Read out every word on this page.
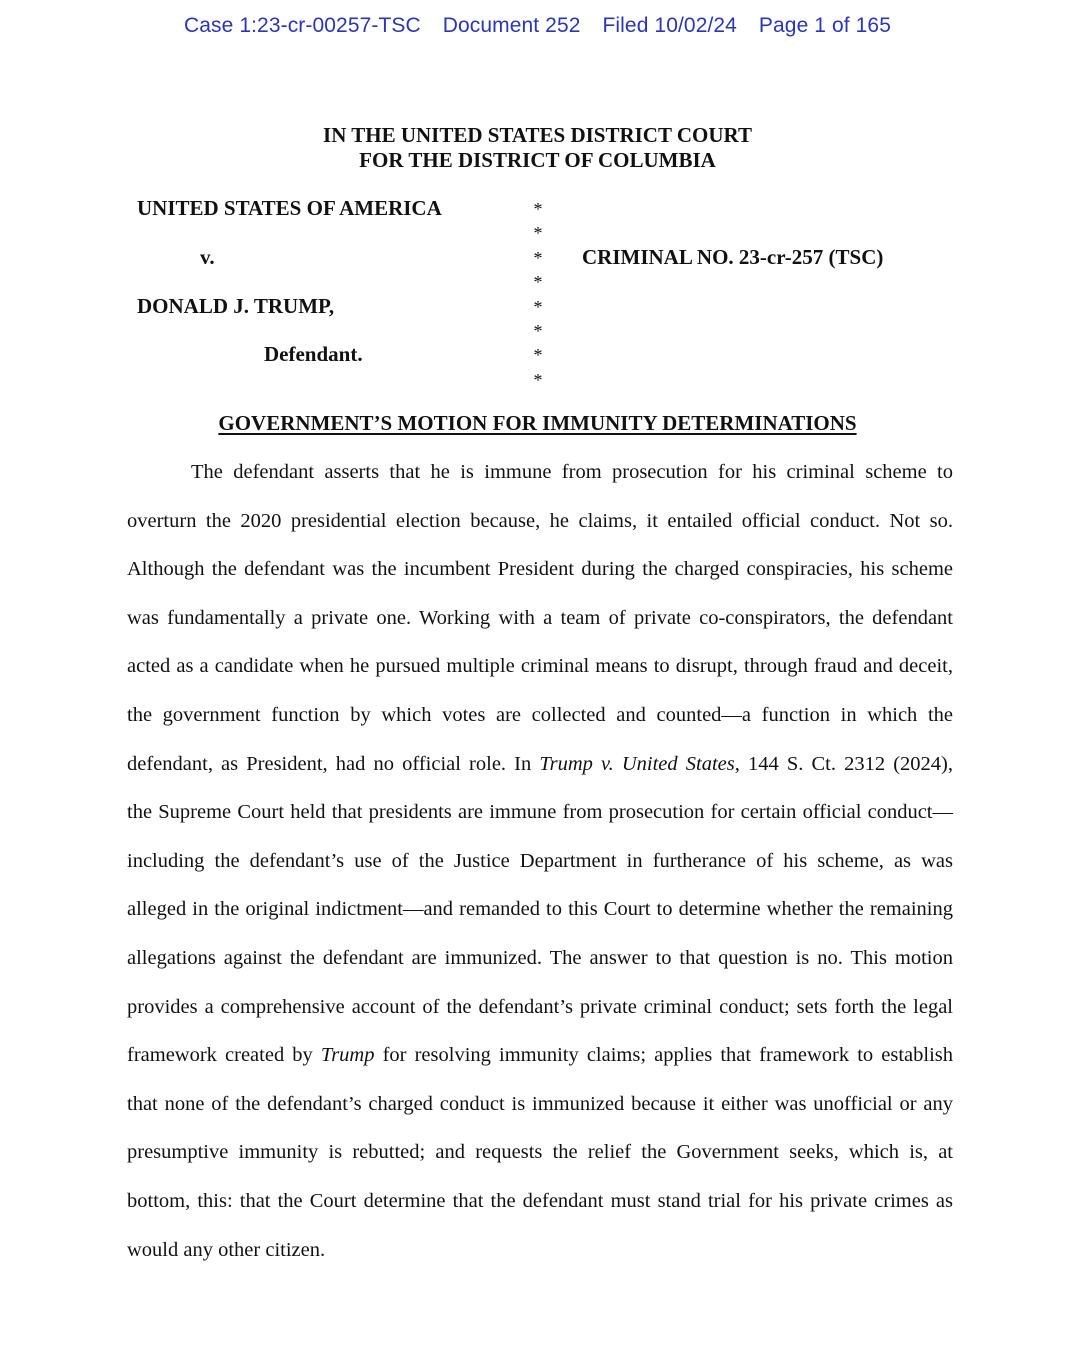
Case 1:23-cr-00257-TSC Document 252 Filed 10/02/24 Page 1 of 165
IN THE UNITED STATES DISTRICT COURT
FOR THE DISTRICT OF COLUMBIA
UNITED STATES OF AMERICA
v.
DONALD J. TRUMP,
Defendant.
*
*
*
*
*
*
*
*
CRIMINAL NO. 23-cr-257 (TSC)
GOVERNMENT’S MOTION FOR IMMUNITY DETERMINATIONS
The defendant asserts that he is immune from prosecution for his criminal scheme to
overturn the 2020 presidential election because, he claims, it entailed official conduct. Not so.
Although the defendant was the incumbent President during the charged conspiracies, his scheme
was fundamentally a private one. Working with a team of private co-conspirators, the defendant
acted as a candidate when he pursued multiple criminal means to disrupt, through fraud and deceit,
the government function by which votes are collected and counted—a function in which the
defendant, as President, had no official role. In Trump v. United States, 144 S. Ct. 2312 (2024),
the Supreme Court held that presidents are immune from prosecution for certain official conduct—
including the defendant’s use of the Justice Department in furtherance of his scheme, as was
alleged in the original indictment—and remanded to this Court to determine whether the remaining
allegations against the defendant are immunized. The answer to that question is no. This motion
provides a comprehensive account of the defendant’s private criminal conduct; sets forth the legal
framework created by Trump for resolving immunity claims; applies that framework to establish
that none of the defendant’s charged conduct is immunized because it either was unofficial or any
presumptive immunity is rebutted; and requests the relief the Government seeks, which is, at
bottom, this: that the Court determine that the defendant must stand trial for his private crimes as
would any other citizen.
